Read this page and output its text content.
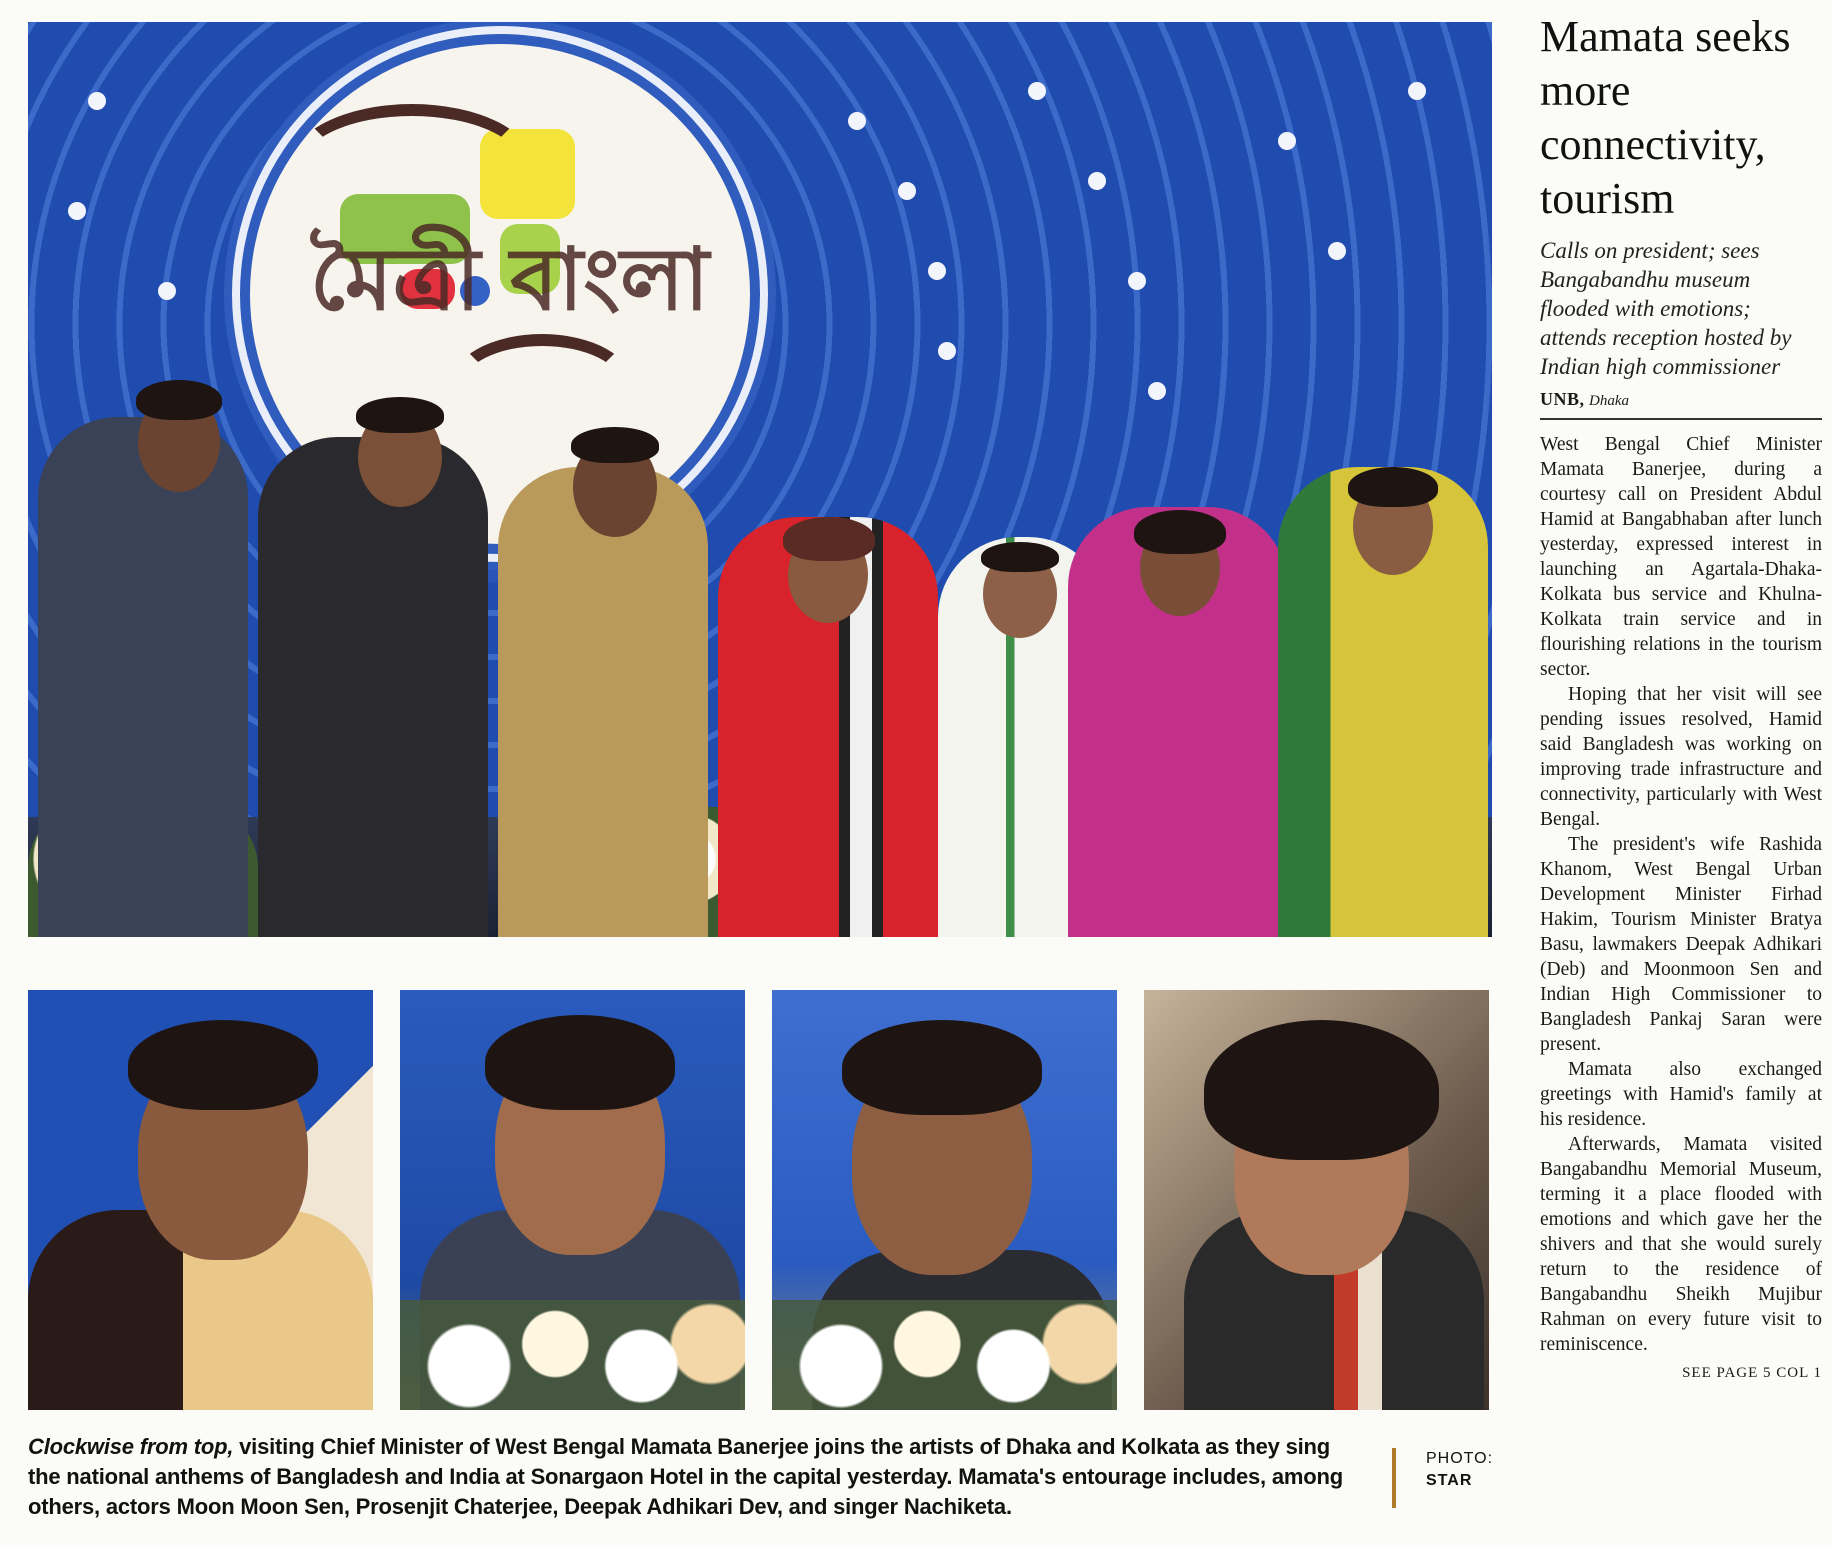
মৈত্রী বাংলা
Clockwise from top, visiting Chief Minister of West Bengal Mamata Banerjee joins the artists of Dhaka and Kolkata as they sing the national anthems of Bangladesh and India at Sonargaon Hotel in the capital yesterday. Mamata's entourage includes, among others, actors Moon Moon Sen, Prosenjit Chaterjee, Deepak Adhikari Dev, and singer Nachiketa.
PHOTO:
STAR
Mamata seeks more connectivity, tourism
Calls on president; sees Bangabandhu museum flooded with emotions; attends reception hosted by Indian high commissioner
UNB, Dhaka

West Bengal Chief Minister Mamata Banerjee, during a courtesy call on President Abdul Hamid at Bangabhaban after lunch yesterday, expressed interest in launching an Agartala-Dhaka-Kolkata bus service and Khulna-Kolkata train service and in flourishing relations in the tourism sector.

Hoping that her visit will see pending issues resolved, Hamid said Bangladesh was working on improving trade infrastructure and connectivity, particularly with West Bengal.

The president's wife Rashida Khanom, West Bengal Urban Development Minister Firhad Hakim, Tourism Minister Bratya Basu, lawmakers Deepak Adhikari (Deb) and Moonmoon Sen and Indian High Commissioner to Bangladesh Pankaj Saran were present.

Mamata also exchanged greetings with Hamid's family at his residence.

Afterwards, Mamata visited Bangabandhu Memorial Museum, terming it a place flooded with emotions and which gave her the shivers and that she would surely return to the residence of Bangabandhu Sheikh Mujibur Rahman on every future visit to reminiscence.

SEE PAGE 5 COL 1
